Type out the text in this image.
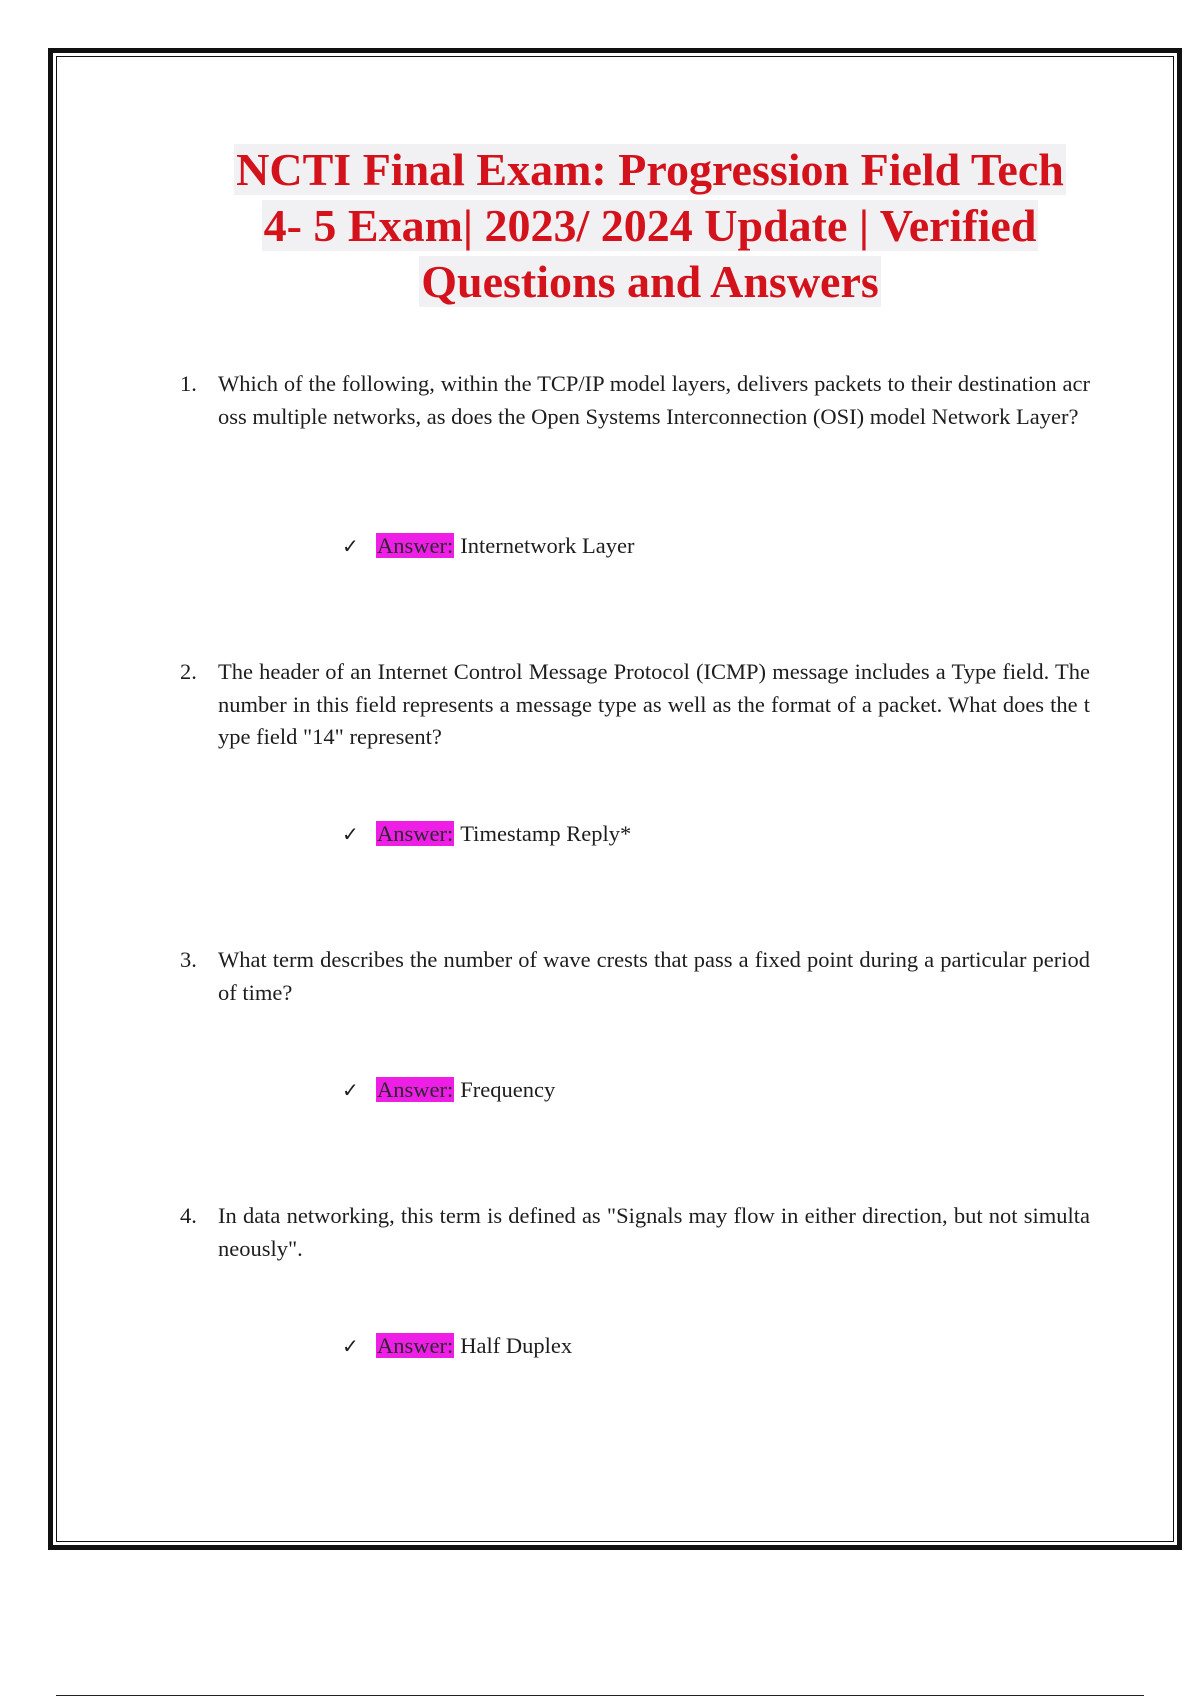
NCTI Final Exam: Progression Field Tech
4- 5 Exam| 2023/ 2024 Update | Verified
Questions and Answers
1. Which of the following, within the TCP/IP model layers, delivers packets to their destination across multiple networks, as does the Open Systems Interconnection (OSI) model Network Layer?
✓ Answer: Internetwork Layer
2. The header of an Internet Control Message Protocol (ICMP) message includes a Type field. The number in this field represents a message type as well as the format of a packet. What does the type field "14" represent?
✓ Answer: Timestamp Reply*
3. What term describes the number of wave crests that pass a fixed point during a particular period of time?
✓ Answer: Frequency
4. In data networking, this term is defined as "Signals may flow in either direction, but not simultaneously".
✓ Answer: Half Duplex
